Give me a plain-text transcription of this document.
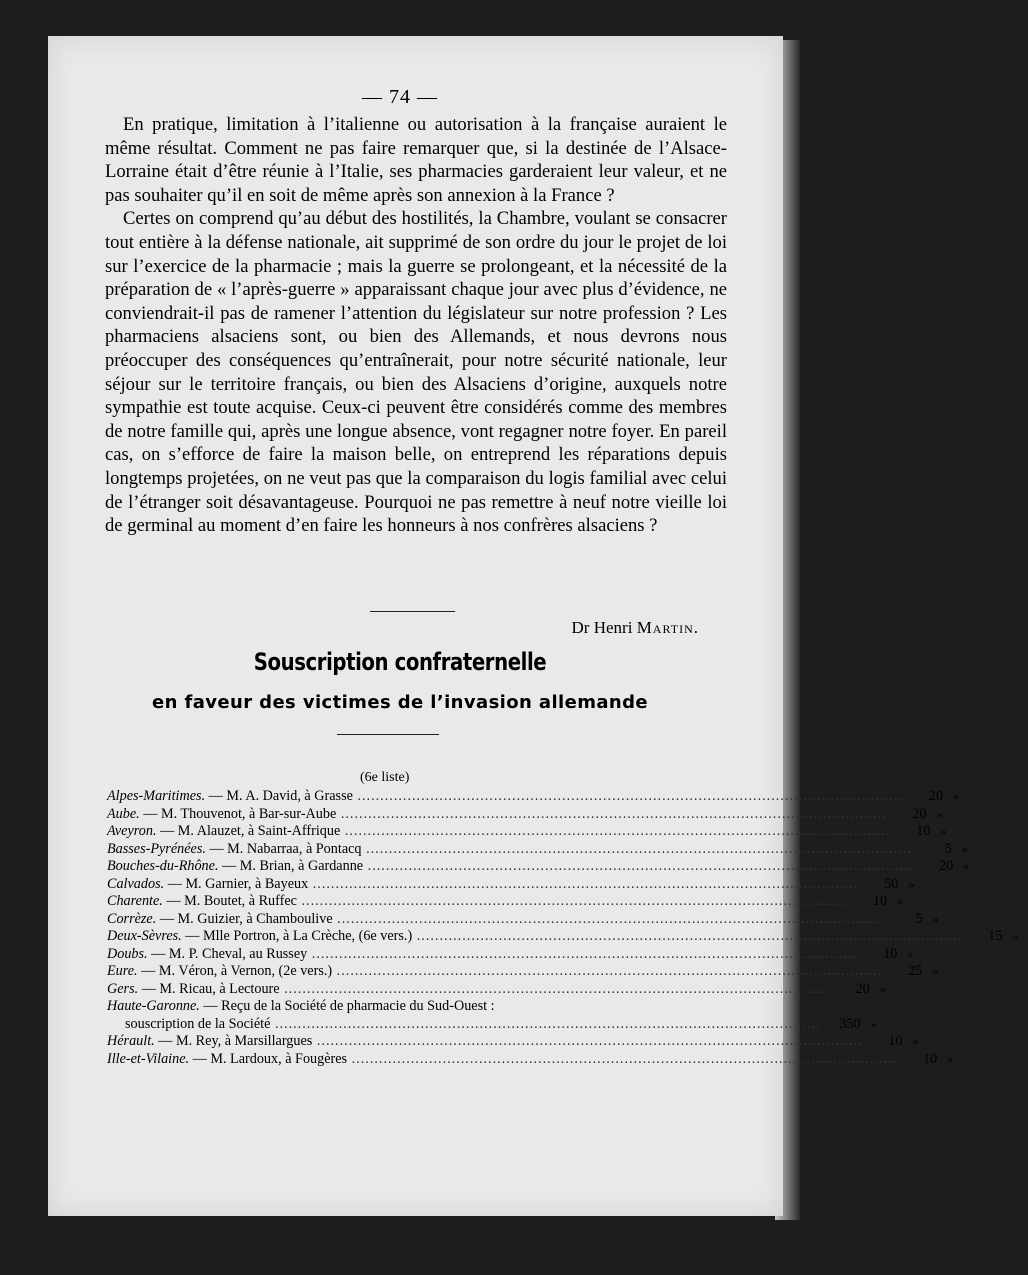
— 74 —

En pratique, limitation à l’italienne ou autorisation à la française auraient le même résultat. Comment ne pas faire remarquer que, si la destinée de l’Alsace-Lorraine était d’être réunie à l’Italie, ses pharmacies garderaient leur valeur, et ne pas souhaiter qu’il en soit de même après son annexion à la France ?

Certes on comprend qu’au début des hostilités, la Chambre, voulant se consacrer tout entière à la défense nationale, ait supprimé de son ordre du jour le projet de loi sur l’exercice de la pharmacie ; mais la guerre se prolongeant, et la nécessité de la préparation de « l’après-guerre » apparaissant chaque jour avec plus d’évidence, ne conviendrait-il pas de ramener l’attention du législateur sur notre profession ? Les pharmaciens alsaciens sont, ou bien des Allemands, et nous devrons nous préoccuper des conséquences qu’entraînerait, pour notre sécurité nationale, leur séjour sur le territoire français, ou bien des Alsaciens d’origine, auxquels notre sympathie est toute acquise. Ceux-ci peuvent être considérés comme des membres de notre famille qui, après une longue absence, vont regagner notre foyer. En pareil cas, on s’efforce de faire la maison belle, on entreprend les réparations depuis longtemps projetées, on ne veut pas que la comparaison du logis familial avec celui de l’étranger soit désavantageuse. Pourquoi ne pas remettre à neuf notre vieille loi de germinal au moment d’en faire les honneurs à nos confrères alsaciens ?

Dr Henri Martin.
Souscription confraternelle
en faveur des victimes de l’invasion allemande
(6e liste)
Alpes-Maritimes. — M. A. David, à Grasse ........................................................................................................................	20 »
Aube. — M. Thouvenot, à Bar-sur-Aube ........................................................................................................................	20 »
Aveyron. — M. Alauzet, à Saint-Affrique ........................................................................................................................	10 »
Basses-Pyrénées. — M. Nabarraa, à Pontacq ........................................................................................................................	5 »
Bouches-du-Rhône. — M. Brian, à Gardanne ........................................................................................................................	20 »
Calvados. — M. Garnier, à Bayeux ........................................................................................................................	50 »
Charente. — M. Boutet, à Ruffec ........................................................................................................................	10 »
Corrèze. — M. Guizier, à Chamboulive ........................................................................................................................	5 »
Deux-Sèvres. — Mlle Portron, à La Crèche, (6e vers.) ........................................................................................................................	15 »
Doubs. — M. P. Cheval, au Russey ........................................................................................................................	10 »
Eure. — M. Véron, à Vernon, (2e vers.) ........................................................................................................................	25 »
Gers. — M. Ricau, à Lectoure ........................................................................................................................	20 »
Haute-Garonne. — Reçu de la Société de pharmacie du Sud-Ouest :
souscription de la Société ........................................................................................................................	350 »
Hérault. — M. Rey, à Marsillargues ........................................................................................................................	10 »
Ille-et-Vilaine. — M. Lardoux, à Fougères ........................................................................................................................	10 »
